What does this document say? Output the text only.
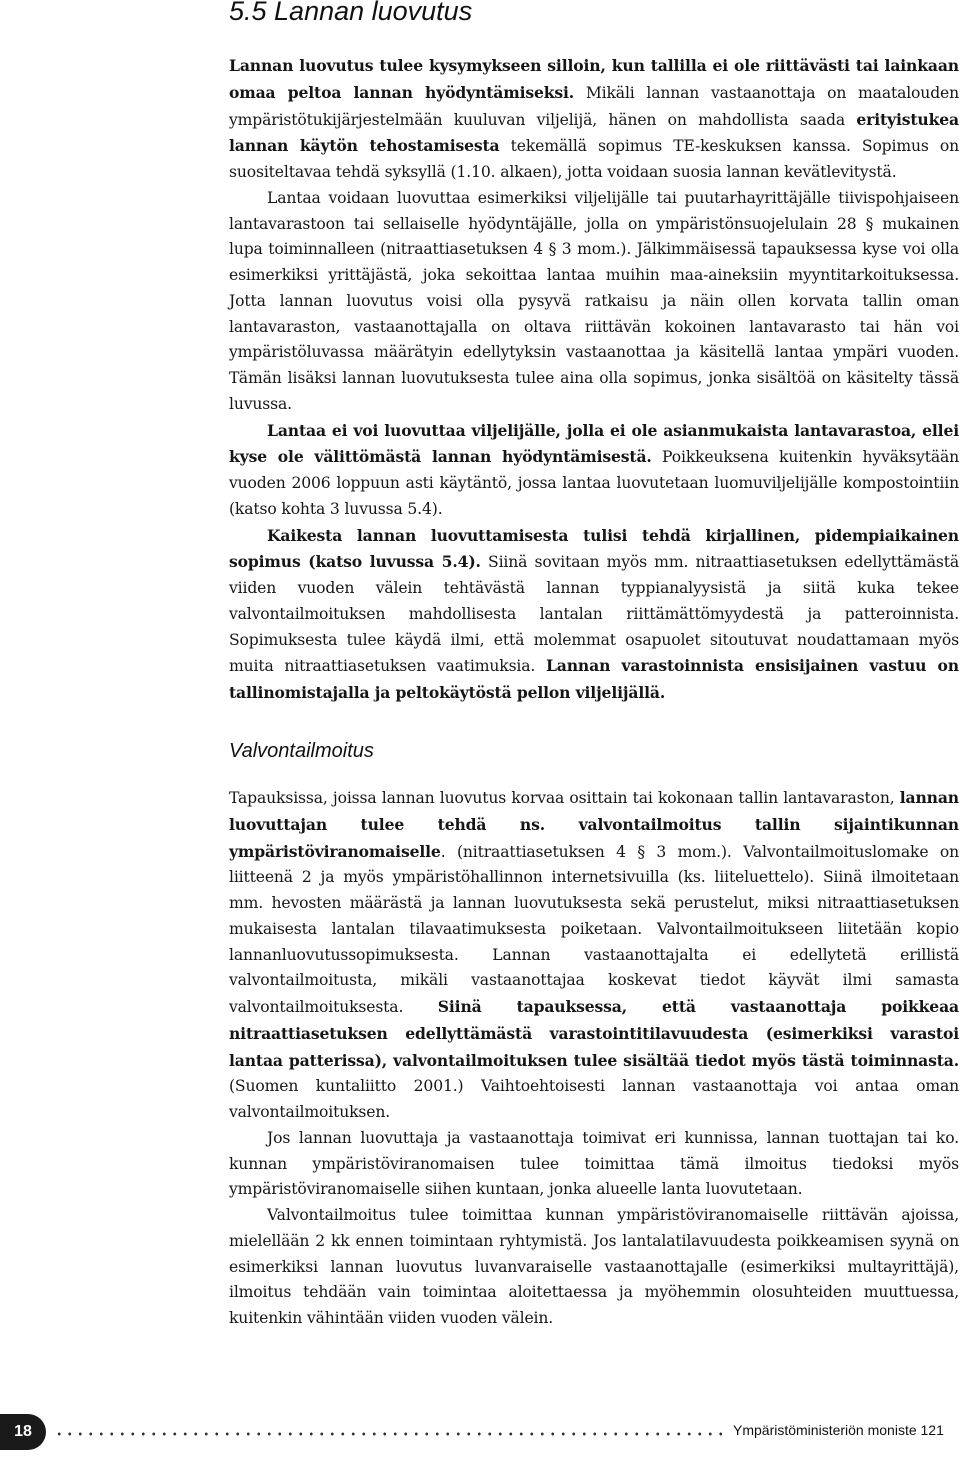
5.5 Lannan luovutus

Lannan luovutus tulee kysymykseen silloin, kun tallilla ei ole riittävästi tai lainkaan omaa peltoa lannan hyödyntämiseksi. Mikäli lannan vastaanottaja on maatalouden ympäristötukijärjestelmään kuuluvan viljelijä, hänen on mahdollista saada erityistukea lannan käytön tehostamisesta tekemällä sopimus TE-keskuksen kanssa. Sopimus on suositeltavaa tehdä syksyllä (1.10. alkaen), jotta voidaan suosia lannan kevätlevitystä.

Lantaa voidaan luovuttaa esimerkiksi viljelijälle tai puutarhayrittäjälle tiivispohjaiseen lantavarastoon tai sellaiselle hyödyntäjälle, jolla on ympäristönsuojelulain 28 § mukainen lupa toiminnalleen (nitraattiasetuksen 4 § 3 mom.). Jälkimmäisessä tapauksessa kyse voi olla esimerkiksi yrittäjästä, joka sekoittaa lantaa muihin maa-aineksiin myyntitarkoituksessa. Jotta lannan luovutus voisi olla pysyvä ratkaisu ja näin ollen korvata tallin oman lantavaraston, vastaanottajalla on oltava riittävän kokoinen lantavarasto tai hän voi ympäristöluvassa määrätyin edellytyksin vastaanottaa ja käsitellä lantaa ympäri vuoden. Tämän lisäksi lannan luovutuksesta tulee aina olla sopimus, jonka sisältöä on käsitelty tässä luvussa.

Lantaa ei voi luovuttaa viljelijälle, jolla ei ole asianmukaista lantavarastoa, ellei kyse ole välittömästä lannan hyödyntämisestä. Poikkeuksena kuitenkin hyväksytään vuoden 2006 loppuun asti käytäntö, jossa lantaa luovutetaan luomuviljelijälle kompostointiin (katso kohta 3 luvussa 5.4).

Kaikesta lannan luovuttamisesta tulisi tehdä kirjallinen, pidempiaikainen sopimus (katso luvussa 5.4). Siinä sovitaan myös mm. nitraattiasetuksen edellyttämästä viiden vuoden välein tehtävästä lannan typpianalyysistä ja siitä kuka tekee valvontailmoituksen mahdollisesta lantalan riittämättömyydestä ja patteroinnista. Sopimuksesta tulee käydä ilmi, että molemmat osapuolet sitoutuvat noudattamaan myös muita nitraattiasetuksen vaatimuksia. Lannan varastoinnista ensisijainen vastuu on tallinomistajalla ja peltokäytöstä pellon viljelijällä.

Valvontailmoitus

Tapauksissa, joissa lannan luovutus korvaa osittain tai kokonaan tallin lantavaraston, lannan luovuttajan tulee tehdä ns. valvontailmoitus tallin sijaintikunnan ympäristöviranomaiselle. (nitraattiasetuksen 4 § 3 mom.). Valvontailmoituslomake on liitteenä 2 ja myös ympäristöhallinnon internetsivuilla (ks. liiteluettelo). Siinä ilmoitetaan mm. hevosten määrästä ja lannan luovutuksesta sekä perustelut, miksi nitraattiasetuksen mukaisesta lantalan tilavaatimuksesta poiketaan. Valvontailmoitukseen liitetään kopio lannanluovutussopimuksesta. Lannan vastaanottajalta ei edellytetä erillistä valvontailmoitusta, mikäli vastaanottajaa koskevat tiedot käyvät ilmi samasta valvontailmoituksesta. Siinä tapauksessa, että vastaanottaja poikkeaa nitraattiasetuksen edellyttämästä varastointitilavuudesta (esimerkiksi varastoi lantaa patterissa), valvontailmoituksen tulee sisältää tiedot myös tästä toiminnasta. (Suomen kuntaliitto 2001.) Vaihtoehtoisesti lannan vastaanottaja voi antaa oman valvontailmoituksen.

Jos lannan luovuttaja ja vastaanottaja toimivat eri kunnissa, lannan tuottajan tai ko. kunnan ympäristöviranomaisen tulee toimittaa tämä ilmoitus tiedoksi myös ympäristöviranomaiselle siihen kuntaan, jonka alueelle lanta luovutetaan.

Valvontailmoitus tulee toimittaa kunnan ympäristöviranomaiselle riittävän ajoissa, mielellään 2 kk ennen toimintaan ryhtymistä. Jos lantalatilavuudesta poikkeamisen syynä on esimerkiksi lannan luovutus luvanvaraiselle vastaanottajalle (esimerkiksi multayrittäjä), ilmoitus tehdään vain toimintaa aloitettaessa ja myöhemmin olosuhteiden muuttuessa, kuitenkin vähintään viiden vuoden välein.

18	Ympäristöministeriön moniste 121
